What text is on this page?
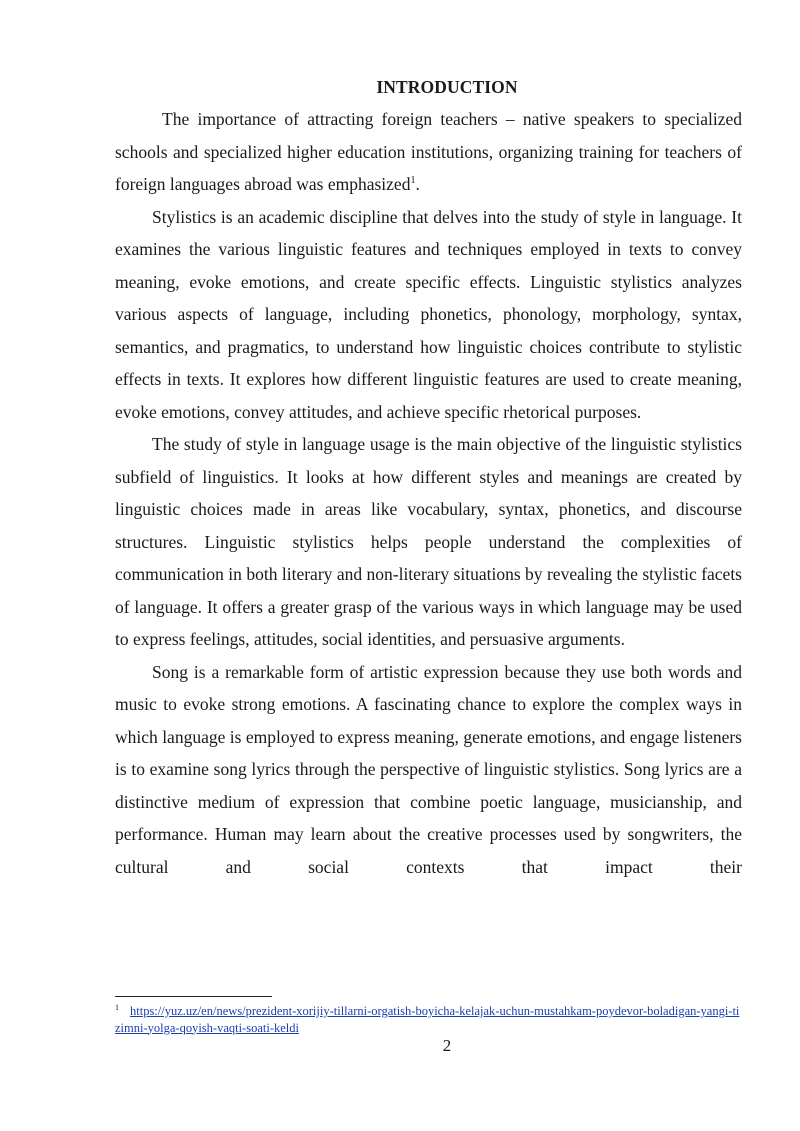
INTRODUCTION

The importance of attracting foreign teachers – native speakers to specialized schools and specialized higher education institutions, organizing training for teachers of foreign languages abroad was emphasized$^1$.

Stylistics is an academic discipline that delves into the study of style in language. It examines the various linguistic features and techniques employed in texts to convey meaning, evoke emotions, and create specific effects. Linguistic stylistics analyzes various aspects of language, including phonetics, phonology, morphology, syntax, semantics, and pragmatics, to understand how linguistic choices contribute to stylistic effects in texts. It explores how different linguistic features are used to create meaning, evoke emotions, convey attitudes, and achieve specific rhetorical purposes.

The study of style in language usage is the main objective of the linguistic stylistics subfield of linguistics. It looks at how different styles and meanings are created by linguistic choices made in areas like vocabulary, syntax, phonetics, and discourse structures. Linguistic stylistics helps people understand the complexities of communication in both literary and non-literary situations by revealing the stylistic facets of language. It offers a greater grasp of the various ways in which language may be used to express feelings, attitudes, social identities, and persuasive arguments.

Song is a remarkable form of artistic expression because they use both words and music to evoke strong emotions. A fascinating chance to explore the complex ways in which language is employed to express meaning, generate emotions, and engage listeners is to examine song lyrics through the perspective of linguistic stylistics. Song lyrics are a distinctive medium of expression that combine poetic language, musicianship, and performance. Human may learn about the creative processes used by songwriters, the cultural and social contexts that impact their

1 https://yuz.uz/en/news/prezident-xorijiy-tillarni-orgatish-boyicha-kelajak-uchun-mustahkam-poydevor-boladigan-yangi-tizimni-yolga-qoyish-vaqti-soati-keldi
2
